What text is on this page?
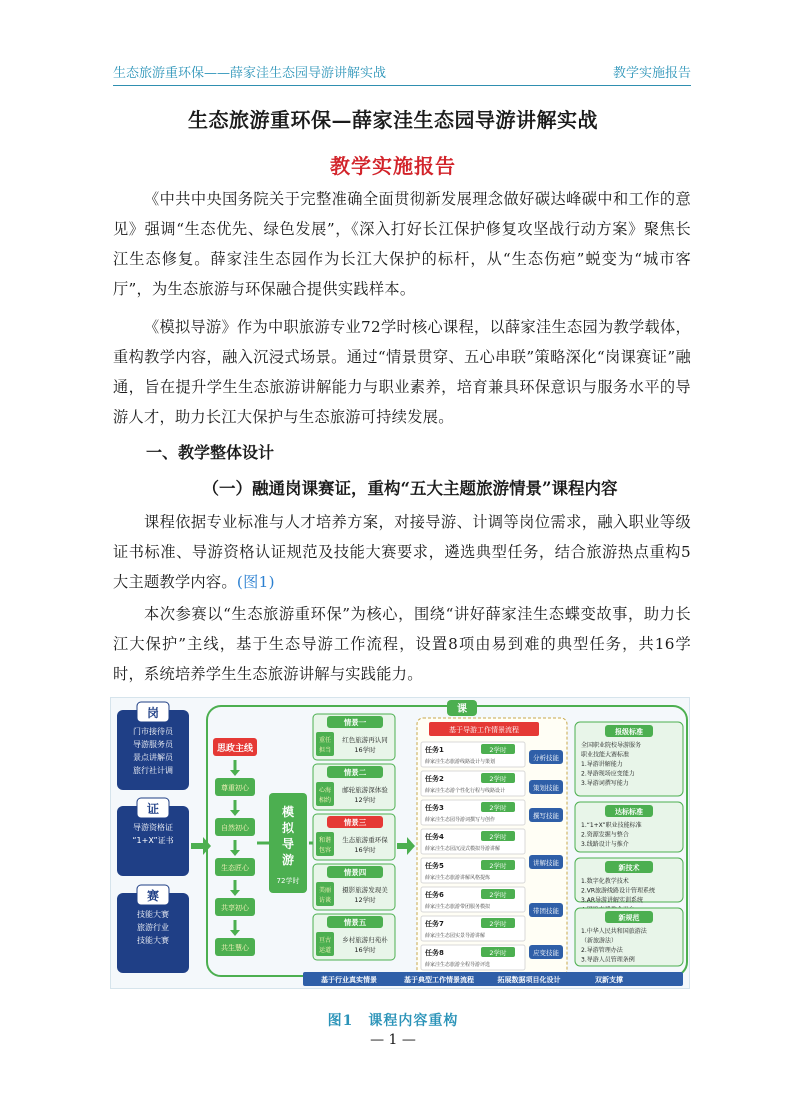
生态旅游重环保——薛家洼生态园导游讲解实战	教学实施报告
生态旅游重环保—薛家洼生态园导游讲解实战
教学实施报告

《中共中央国务院关于完整准确全面贯彻新发展理念做好碳达峰碳中和工作的意见》强调“生态优先、绿色发展”，《深入打好长江保护修复攻坚战行动方案》聚焦长江生态修复。薛家洼生态园作为长江大保护的标杆，从“生态伤疤”蜕变为“城市客厅”，为生态旅游与环保融合提供实践样本。

《模拟导游》作为中职旅游专业72学时核心课程，以薛家洼生态园为教学载体，重构教学内容，融入沉浸式场景。通过“情景贯穿、五心串联”策略深化“岗课赛证”融通，旨在提升学生生态旅游讲解能力与职业素养，培育兼具环保意识与服务水平的导游人才，助力长江大保护与生态旅游可持续发展。

一、教学整体设计
（一）融通岗课赛证，重构“五大主题旅游情景”课程内容

课程依据专业标准与人才培养方案，对接导游、计调等岗位需求，融入职业等级证书标准、导游资格认证规范及技能大赛要求，遴选典型任务，结合旅游热点重构5大主题教学内容。(图1)

本次参赛以“生态旅游重环保”为核心，围绕“讲好薛家洼生态蝶变故事，助力长江大保护”主线，基于生态导游工作流程，设置8项由易到难的典型任务，共16学时，系统培养学生生态旅游讲解与实践能力。

岗
门市接待员
导游服务员
景点讲解员
旅行社计调
证
导游资格证
“1+X”证书
赛
技能大赛
旅游行业
技能大赛
思政主线
尊重初心
自然初心
生态匠心
共享初心
共生慧心
模
拟
导
游
72学时
情景一
重任
担当
红色旅游再认同
16学时
情景二
心海
相约
邮轮旅游深体验
12学时
情景三
和谐
包容
生态旅游重环保
16学时
情景四
美丽
访谈
摄影旅游发现美
12学时
情景五
亘古
运道
乡村旅游归苑朴
16学时
课
基于导游工作情景流程
任务1	2学时
薛家洼生态旅游线路设计与策划
任务2	2学时
薛家洼生态游个性化行程与线路设计
任务3	2学时
薛家洼生态园导游词撰写与创作
任务4	2学时
薛家洼生态园沉浸式模拟导游讲解
任务5	2学时
薛家洼生态旅游讲解风格提炼
任务6	2学时
薛家洼生态旅游带团服务模拟
任务7	2学时
薛家洼生态园实景导游讲解
任务8	2学时
薛家洼生态旅游全程导游评选
分析技能
策划技能
撰写技能
讲解技能
带团技能
应变技能
报级标准
全国职业院校导游服务
职业技能大赛标准
1.导游讲解能力
2.导游现场应变能力
3.导游词撰写能力
达标标准
1.“1+X”职业技能标准
2.资源发掘与整合
3.线路设计与推介
新技术
1.数字化教学技术
2.VR旅游线路设计管理系统
3.AR导游讲解实训系统
新规范
1.中华人民共和国旅游法
（新旅游法）
2.导游管理办法
3.导游人员管理条例
基于行业真实情景	基于典型工作情景流程	拓展数据项目化设计	双新支撑
图1　课程内容重构
— 1 —
